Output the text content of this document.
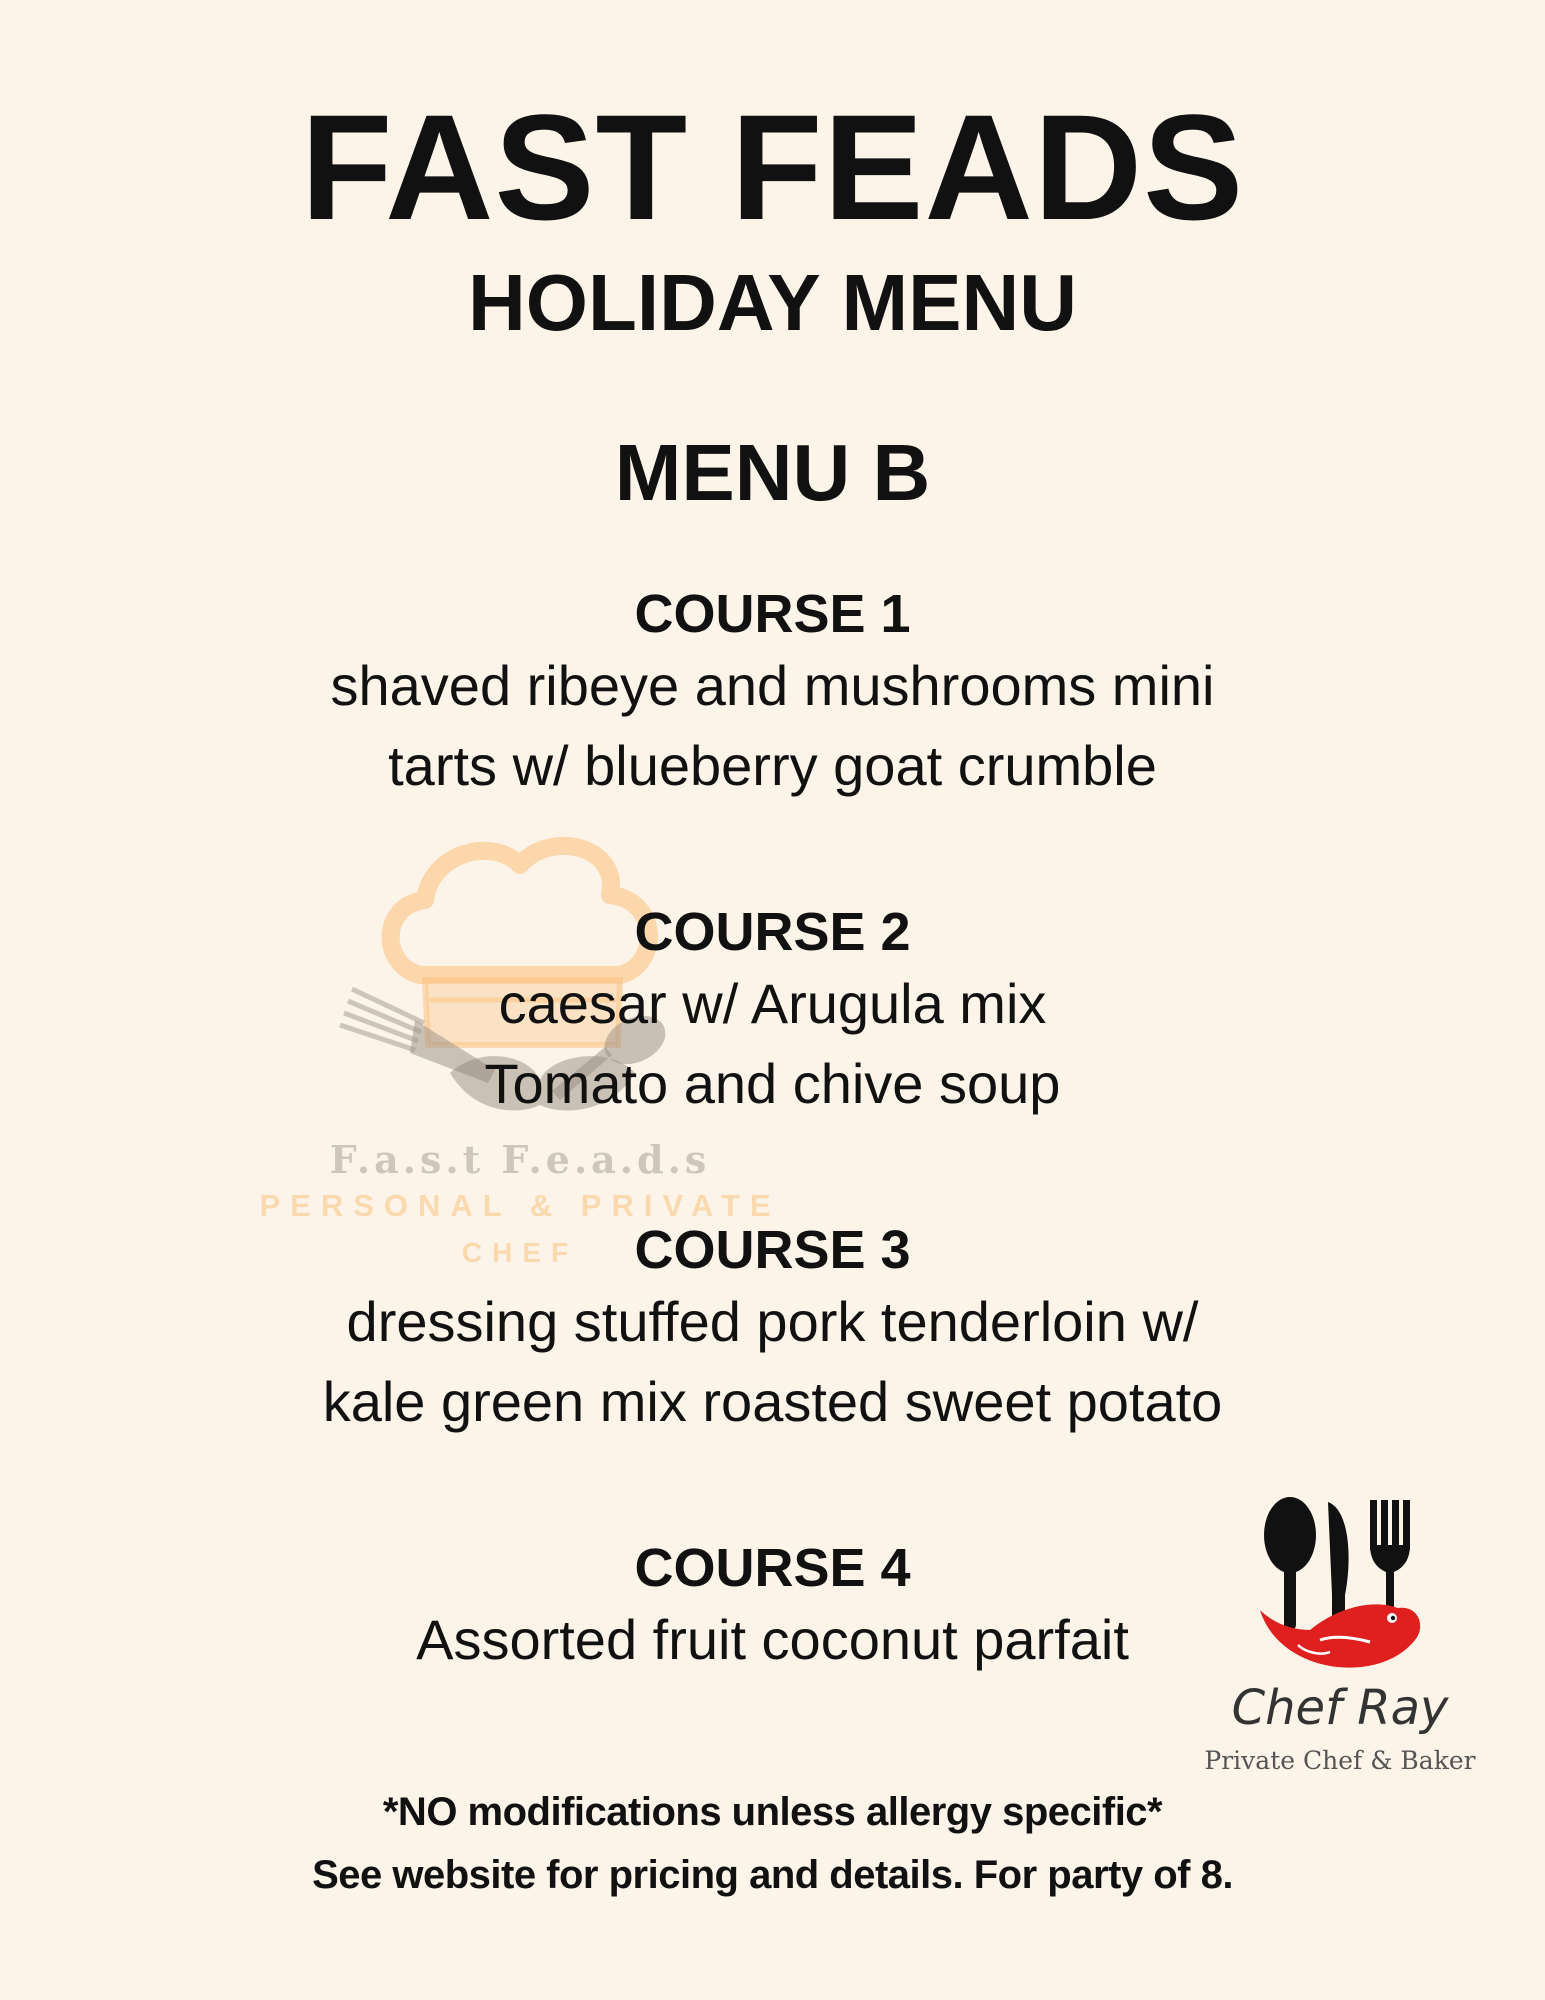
F.a.s.t F.e.a.d.s
PERSONAL & PRIVATE
CHEF
FAST FEADS
HOLIDAY MENU
MENU B
COURSE 1
shaved ribeye and mushrooms mini
tarts w/ blueberry goat crumble
COURSE 2
caesar w/ Arugula mix
Tomato and chive soup
COURSE 3
dressing stuffed pork tenderloin w/
kale green mix roasted sweet potato
COURSE 4
Assorted fruit coconut parfait
*NO modifications unless allergy specific*
See website for pricing and details. For party of 8.
Chef Ray
Private Chef & Baker
